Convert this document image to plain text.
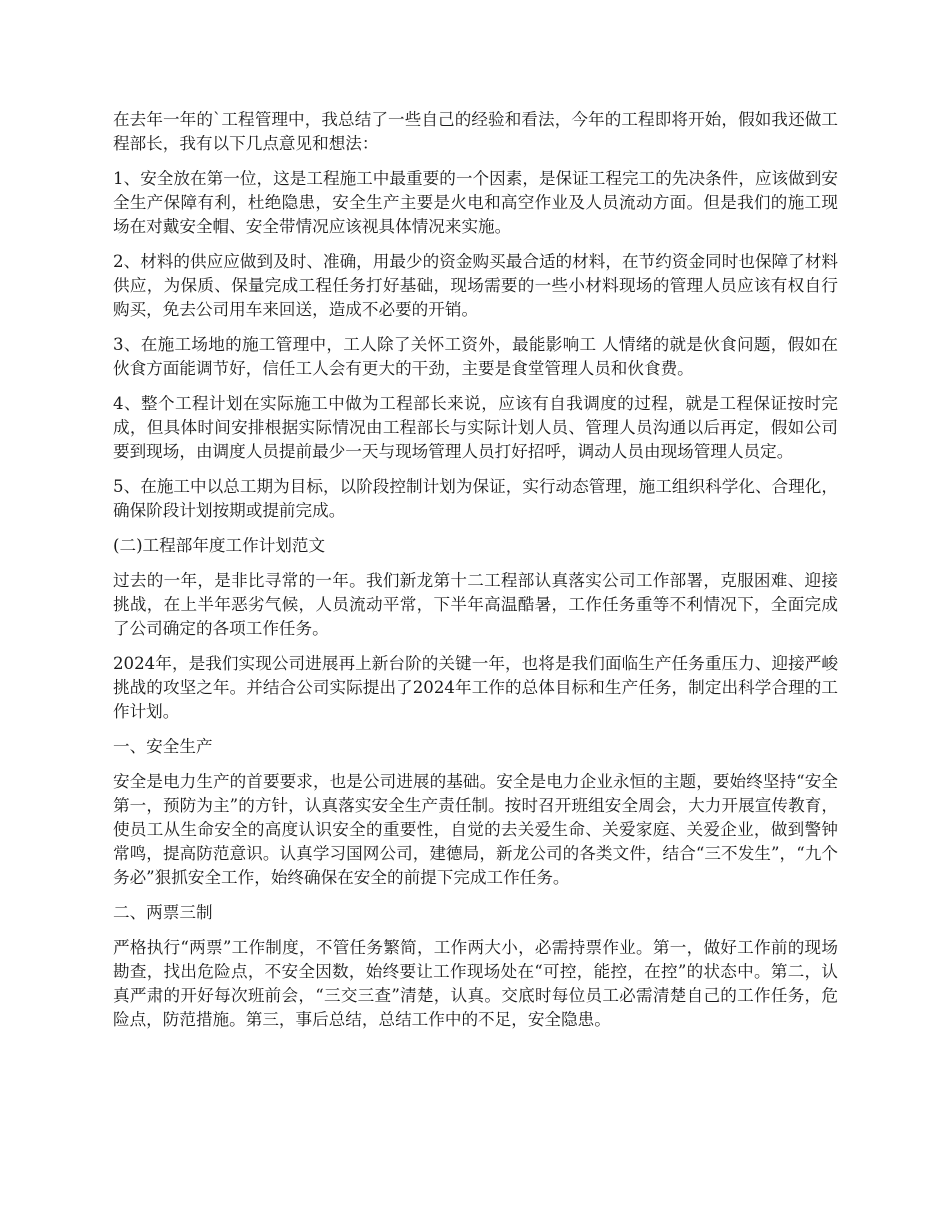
在去年一年的`工程管理中，我总结了一些自己的经验和看法，今年的工程即将开始，假如我还做工程部长，我有以下几点意见和想法：

1、安全放在第一位，这是工程施工中最重要的一个因素，是保证工程完工的先决条件，应该做到安全生产保障有利，杜绝隐患，安全生产主要是火电和高空作业及人员流动方面。但是我们的施工现场在对戴安全帽、安全带情况应该视具体情况来实施。

2、材料的供应应做到及时、准确，用最少的资金购买最合适的材料，在节约资金同时也保障了材料供应，为保质、保量完成工程任务打好基础，现场需要的一些小材料现场的管理人员应该有权自行购买，免去公司用车来回送，造成不必要的开销。

3、在施工场地的施工管理中，工人除了关怀工资外，最能影响工 人情绪的就是伙食问题，假如在伙食方面能调节好，信任工人会有更大的干劲，主要是食堂管理人员和伙食费。

4、整个工程计划在实际施工中做为工程部长来说，应该有自我调度的过程，就是工程保证按时完成，但具体时间安排根据实际情况由工程部长与实际计划人员、管理人员沟通以后再定，假如公司要到现场，由调度人员提前最少一天与现场管理人员打好招呼，调动人员由现场管理人员定。

5、在施工中以总工期为目标，以阶段控制计划为保证，实行动态管理，施工组织科学化、合理化，确保阶段计划按期或提前完成。

(二)工程部年度工作计划范文

过去的一年，是非比寻常的一年。我们新龙第十二工程部认真落实公司工作部署，克服困难、迎接挑战，在上半年恶劣气候，人员流动平常，下半年高温酷暑，工作任务重等不利情况下，全面完成了公司确定的各项工作任务。

2024年，是我们实现公司进展再上新台阶的关键一年，也将是我们面临生产任务重压力、迎接严峻挑战的攻坚之年。并结合公司实际提出了2024年工作的总体目标和生产任务，制定出科学合理的工作计划。

一、安全生产

安全是电力生产的首要要求，也是公司进展的基础。安全是电力企业永恒的主题，要始终坚持“安全第一，预防为主”的方针，认真落实安全生产责任制。按时召开班组安全周会，大力开展宣传教育，使员工从生命安全的高度认识安全的重要性，自觉的去关爱生命、关爱家庭、关爱企业，做到警钟常鸣，提高防范意识。认真学习国网公司，建德局，新龙公司的各类文件，结合“三不发生”，“九个务必”狠抓安全工作，始终确保在安全的前提下完成工作任务。

二、两票三制

严格执行“两票”工作制度，不管任务繁简，工作两大小，必需持票作业。第一，做好工作前的现场勘查，找出危险点，不安全因数，始终要让工作现场处在“可控，能控，在控”的状态中。第二，认真严肃的开好每次班前会，“三交三查”清楚，认真。交底时每位员工必需清楚自己的工作任务，危险点，防范措施。第三，事后总结，总结工作中的不足，安全隐患。
